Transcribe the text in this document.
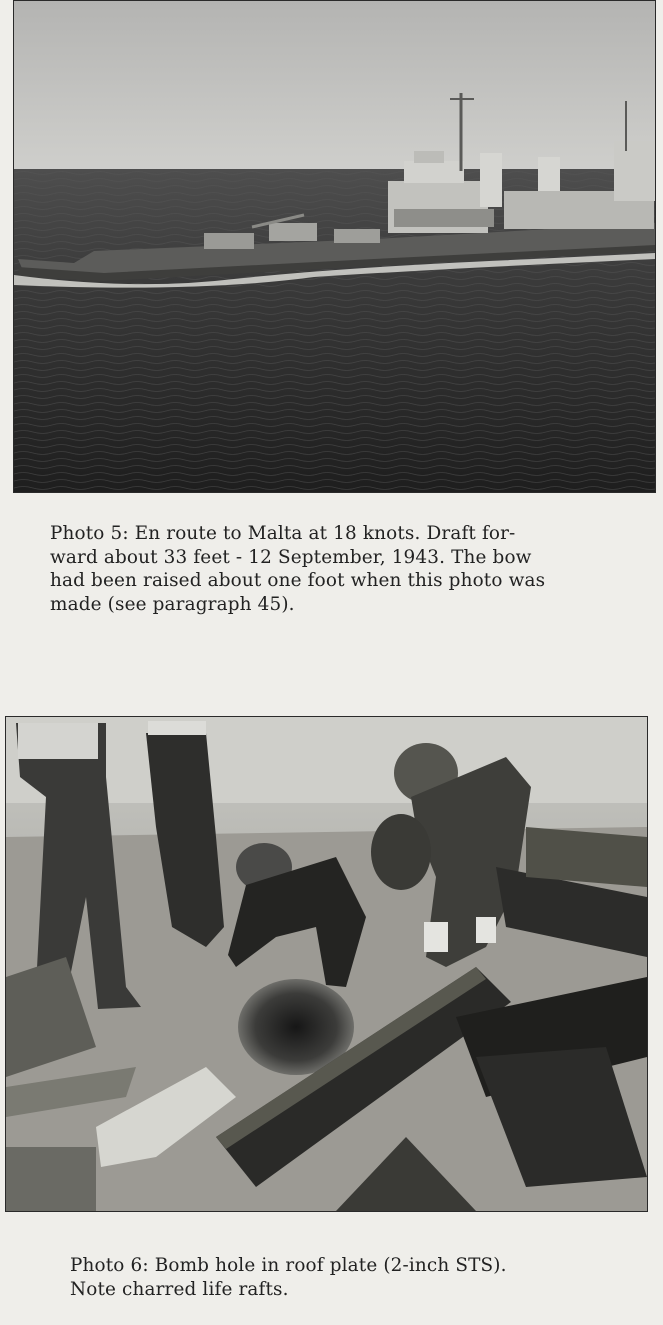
Photo 5: En route to Malta at 18 knots. Draft for-

ward about 33 feet - 12 September, 1943. The bow

had been raised about one foot when this photo was

made (see paragraph 45).

Photo 6: Bomb hole in roof plate (2-inch STS).

Note charred life rafts.
